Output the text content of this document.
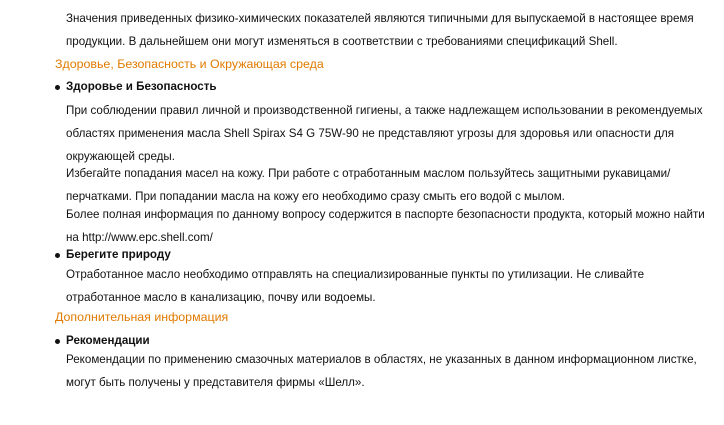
Значения приведенных физико-химических показателей являются типичными для выпускаемой в настоящее время продукции. В дальнейшем они могут изменяться в соответствии с требованиями спецификаций Shell.

Здоровье, Безопасность и Окружающая среда
Здоровье и Безопасность

При соблюдении правил личной и производственной гигиены, а также надлежащем использовании в рекомендуемых областях применения масла Shell Spirax S4 G 75W-90 не представляют угрозы для здоровья или опасности для окружающей среды.

Избегайте попадания масел на кожу. При работе с отработанным маслом пользуйтесь защитными рукавицами/перчатками. При попадании масла на кожу его необходимо сразу смыть его водой с мылом.

Более полная информация по данному вопросу содержится в паспорте безопасности продукта, который можно найти на http://www.epc.shell.com/

Берегите природу

Отработанное масло необходимо отправлять на специализированные пункты по утилизации. Не сливайте отработанное масло в канализацию, почву или водоемы.

Дополнительная информация
Рекомендации

Рекомендации по применению смазочных материалов в областях, не указанных в данном информационном листке, могут быть получены у представителя фирмы «Шелл».
